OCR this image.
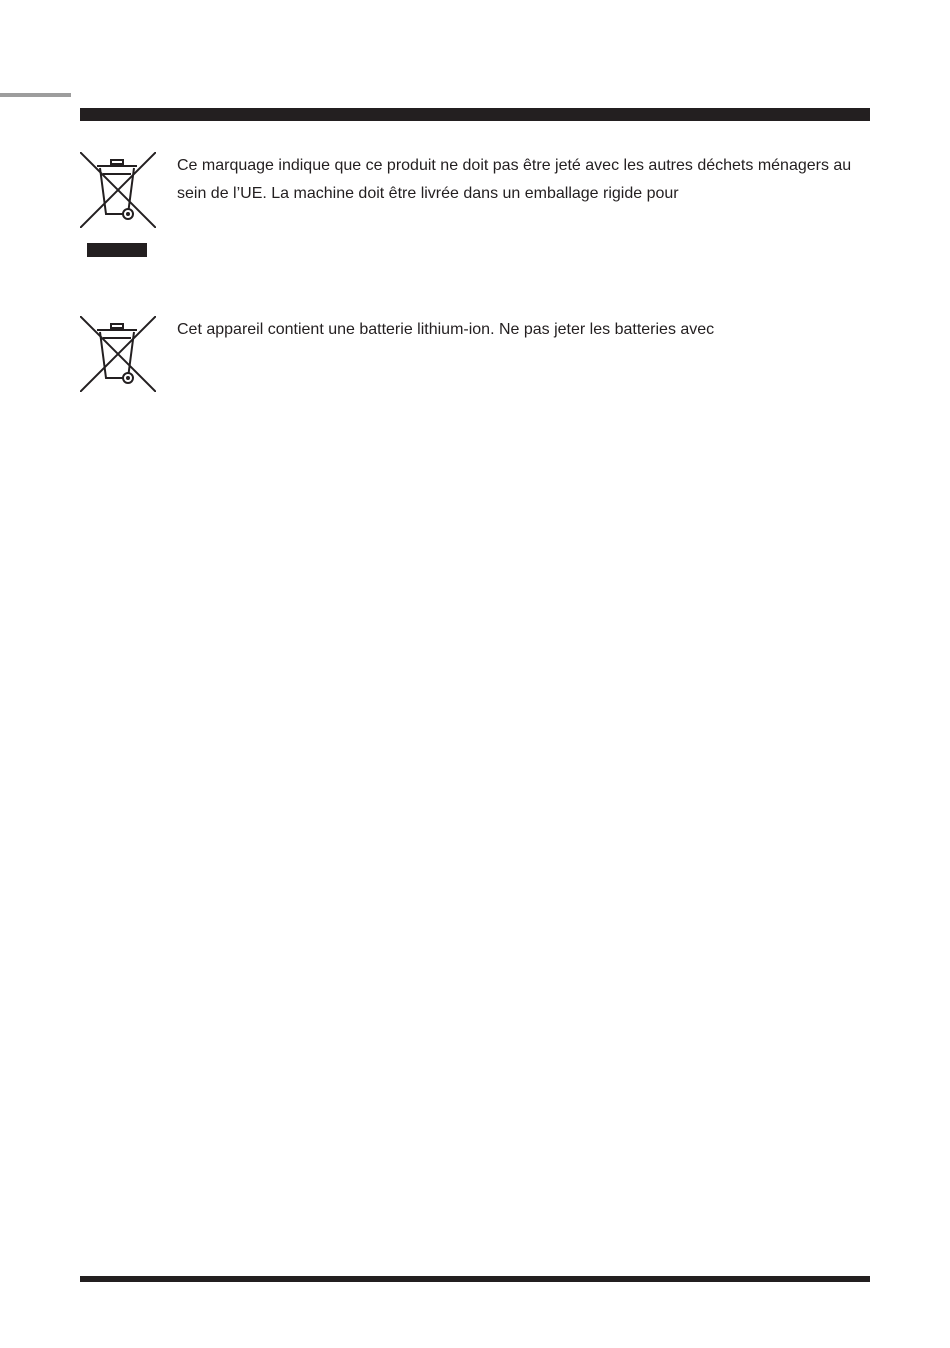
Ce marquage indique que ce produit ne doit pas être jeté avec les autres déchets ménagers au sein de l’UE. La machine doit être livrée dans un emballage rigide pour

Cet appareil contient une batterie lithium-ion. Ne pas jeter les batteries avec
